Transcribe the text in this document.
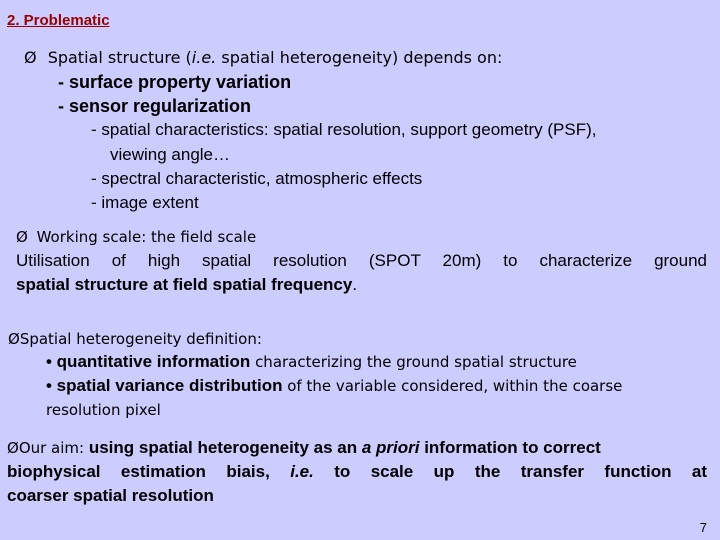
2. Problematic
Ø Spatial structure (i.e. spatial heterogeneity) depends on:
- surface property variation
- sensor regularization
- spatial characteristics: spatial resolution, support geometry (PSF),
viewing angle…
- spectral characteristic, atmospheric effects
- image extent
Ø Working scale: the field scale
Utilisation of high spatial resolution (SPOT 20m) to characterize ground
spatial structure at field spatial frequency.
ØSpatial heterogeneity definition:
• quantitative information characterizing the ground spatial structure
• spatial variance distribution of the variable considered, within the coarse
resolution pixel
ØOur aim: using spatial heterogeneity as an a priori information to correct
biophysical estimation biais, i.e. to scale up the transfer function at
coarser spatial resolution
7
